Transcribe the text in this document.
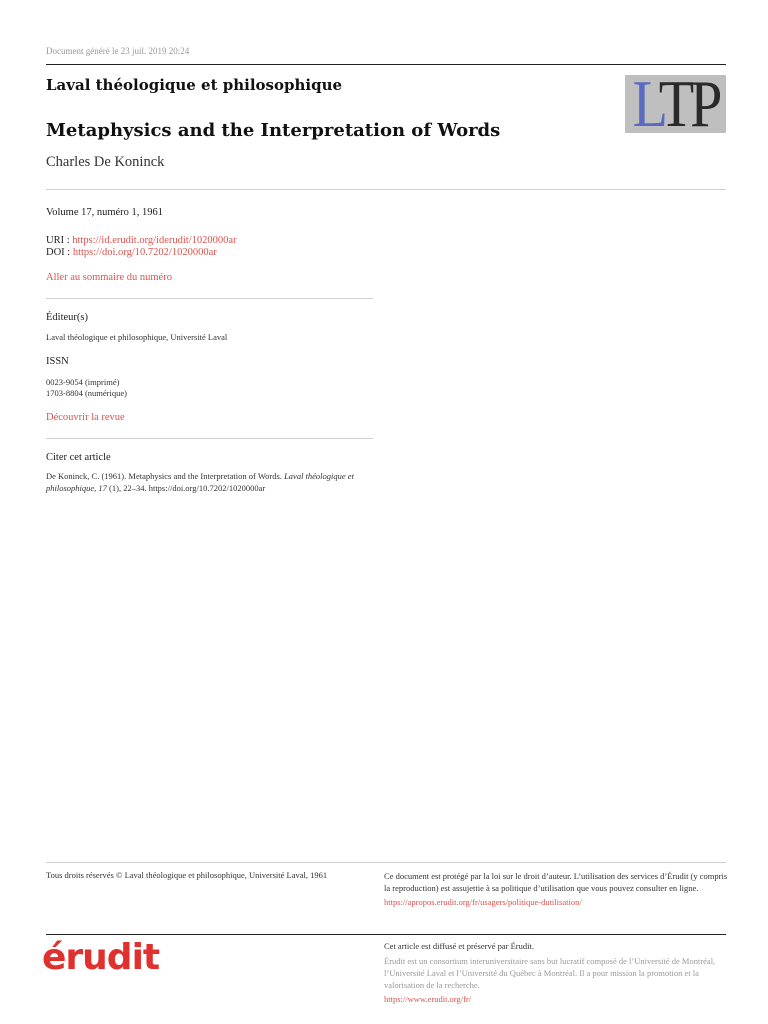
Document généré le 23 juil. 2019 20:24
Laval théologique et philosophique	LTP
Metaphysics and the Interpretation of Words
Charles De Koninck
Volume 17, numéro 1, 1961
URI : https://id.erudit.org/iderudit/1020000ar
DOI : https://doi.org/10.7202/1020000ar
Aller au sommaire du numéro
Éditeur(s)
Laval théologique et philosophique, Université Laval
ISSN
0023-9054 (imprimé)
1703-8804 (numérique)
Découvrir la revue
Citer cet article
De Koninck, C. (1961). Metaphysics and the Interpretation of Words. Laval théologique et philosophique, 17 (1), 22–34. https://doi.org/10.7202/1020000ar
Tous droits réservés © Laval théologique et philosophique, Université Laval, 1961	Ce document est protégé par la loi sur le droit d’auteur. L’utilisation des services d’Érudit (y compris la reproduction) est assujettie à sa politique d’utilisation que vous pouvez consulter en ligne.
https://apropos.erudit.org/fr/usagers/politique-dutilisation/
érudit	Cet article est diffusé et préservé par Érudit.
Érudit est un consortium interuniversitaire sans but lucratif composé de l’Université de Montréal, l’Université Laval et l’Université du Québec à Montréal. Il a pour mission la promotion et la valorisation de la recherche.
https://www.erudit.org/fr/
